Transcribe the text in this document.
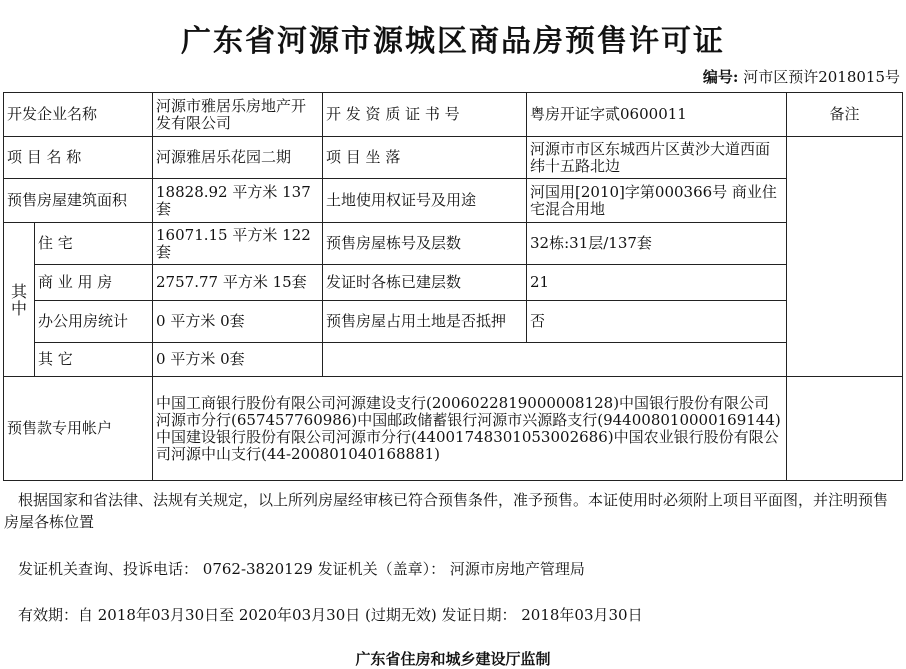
广东省河源市源城区商品房预售许可证
编号: 河市区预许2018015号
开发企业名称		河源市雅居乐房地产开发有限公司	开 发 资 质 证 书 号	粤房开证字贰0600011	备注
项 目 名 称		河源雅居乐花园二期	项 目 坐 落	河源市市区东城西片区黄沙大道西面纬十五路北边	
预售房屋建筑面积		18828.92 平方米 137套	土地使用权证号及用途	河国用[2010]字第000366号 商业住宅混合用地	
其中	住 宅	16071.15 平方米 122套	预售房屋栋号及层数	32栋:31层/137套	
	商 业 用 房	2757.77 平方米 15套	发证时各栋已建层数	21	
	办公用房统计	0 平方米 0套	预售房屋占用土地是否抵押	否	
	其 它	0 平方米 0套			
预售款专用帐户		中国工商银行股份有限公司河源建设支行(2006022819000008128)中国银行股份有限公司河源市分行(657457760986)中国邮政储蓄银行河源市兴源路支行(944008010000169144)中国建设银行股份有限公司河源市分行(44001748301053002686)中国农业银行股份有限公司河源中山支行(44-200801040168881)			
根据国家和省法律、法规有关规定，以上所列房屋经审核已符合预售条件，准予预售。本证使用时必须附上项目平面图，并注明预售房屋各栋位置
发证机关查询、投诉电话： 0762-3820129 发证机关（盖章）： 河源市房地产管理局
有效期：自 2018年03月30日至 2020年03月30日 (过期无效) 发证日期： 2018年03月30日
广东省住房和城乡建设厅监制
